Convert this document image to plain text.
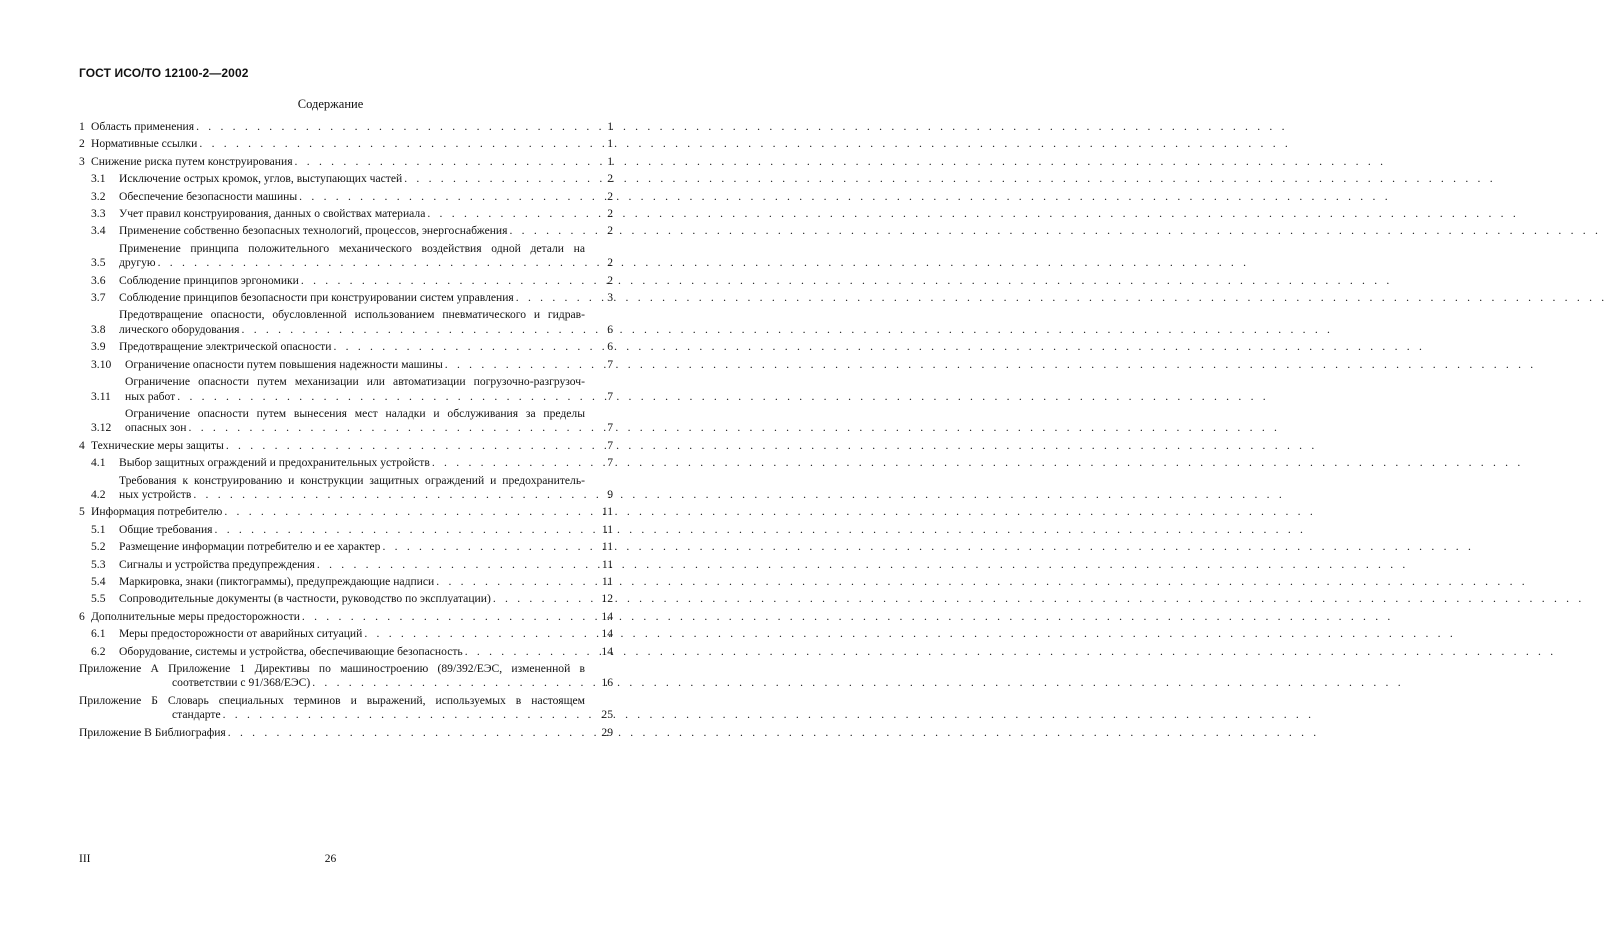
ГОСТ ИСО/ТО 12100-2—2002
Содержание
1 Область применения . . .	1
2 Нормативные ссылки . . .	1
3 Снижение риска путем конструирования . . .	1
3.1	Исключение острых кромок, углов, выступающих частей . . .	2
3.2	Обеспечение безопасности машины . . .	2
3.3	Учет правил конструирования, данных о свойствах материала . . .	2
3.4	Применение собственно безопасных технологий, процессов, энергоснабжения . . .	2
3.5
Применение принципа положительного механического воздействия одной детали на
другую . . .	2
3.6	Соблюдение принципов эргономики . . .	2
3.7	Соблюдение принципов безопасности при конструировании систем управления . . .	3
3.8
Предотвращение опасности, обусловленной использованием пневматического и гидрав-
лического оборудования . . .	6
3.9	Предотвращение электрической опасности . . .	6
3.10	Ограничение опасности путем повышения надежности машины . . .	7
3.11
Ограничение опасности путем механизации или автоматизации погрузочно-разгрузоч-
ных работ . . .	7
3.12
Ограничение опасности путем вынесения мест наладки и обслуживания за пределы
опасных зон . . .	7
4 Технические меры защиты . . .	7
4.1	Выбор защитных ограждений и предохранительных устройств . . .	7
4.2
Требования к конструированию и конструкции защитных ограждений и предохранитель-
ных устройств . . .	9
5 Информация потребителю . . .	11
5.1	Общие требования . . .	11
5.2	Размещение информации потребителю и ее характер . . .	11
5.3	Сигналы и устройства предупреждения . . .	11
5.4	Маркировка, знаки (пиктограммы), предупреждающие надписи . . .	11
5.5	Сопроводительные документы (в частности, руководство по эксплуатации) . . .	12
6 Дополнительные меры предосторожности . . .	14
6.1	Меры предосторожности от аварийных ситуаций . . .	14
6.2	Оборудование, системы и устройства, обеспечивающие безопасность . . .	14
Приложение А Приложение 1 Директивы по машиностроению (89/392/ЕЭС, измененной в
соответствии с 91/368/ЕЭС) . . .	16
Приложение Б Словарь специальных терминов и выражений, используемых в настоящем
стандарте . . .	25
Приложение В Библиография . . .	29
III	26
